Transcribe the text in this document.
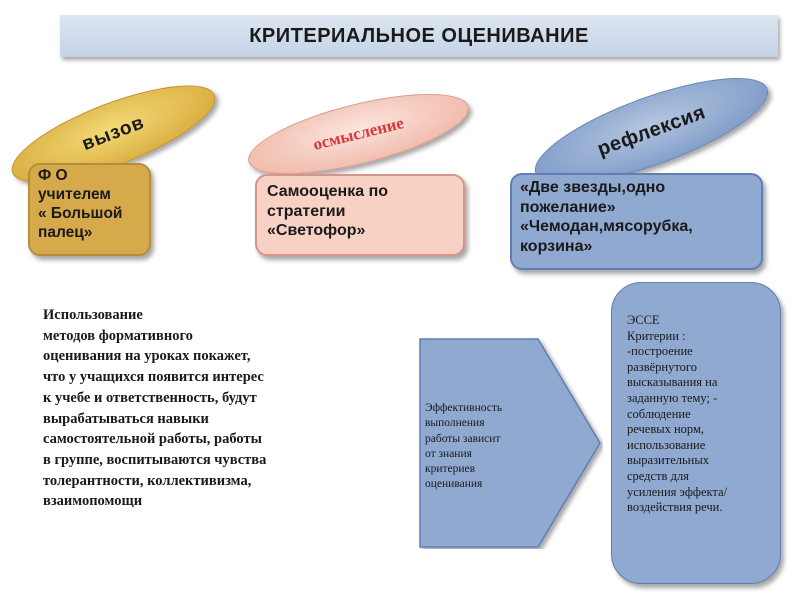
КРИТЕРИАЛЬНОЕ ОЦЕНИВАНИЕ
вызов	осмысление	рефлексия
Ф О
учителем
« Большой
палец»
Самооценка по
стратегии
«Светофор»
«Две звезды,одно
пожелание»
«Чемодан,мясорубка,
корзина»
Использование
методов формативного
оценивания на уроках покажет,
что у учащихся появится интерес
к учебе и ответственность, будут
вырабатываться навыки
самостоятельной работы, работы
в группе, воспитываются чувства
толерантности, коллективизма,
взаимопомощи
Эффективность
выполнения
работы зависит
от знания
критериев
оценивания
ЭССЕ
Критерии :
-построение
развёрнутого
высказывания на
заданную тему; -
соблюдение
речевых норм,
использование
выразительных
средств для
усиления эффекта/
воздействия речи.
